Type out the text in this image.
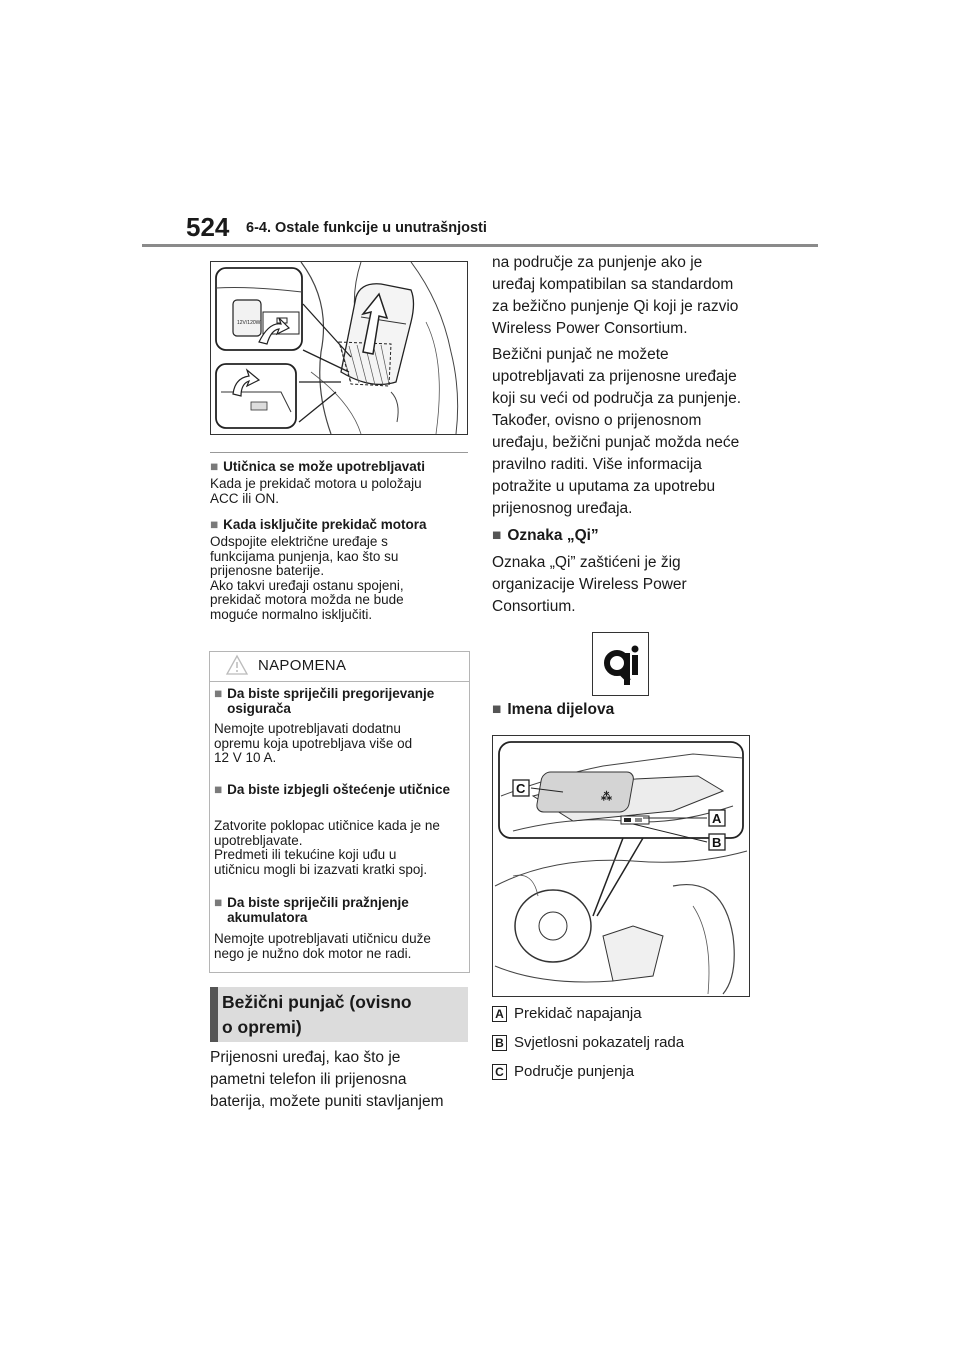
524 6-4. Ostale funkcije u unutrašnjosti
12V/120W
■ Utičnica se može upotrebljavati
Kada je prekidač motora u položaju
ACC ili ON.
■ Kada isključite prekidač motora
Odspojite električne uređaje s
funkcijama punjenja, kao što su
prijenosne baterije.
Ako takvi uređaji ostanu spojeni,
prekidač motora možda ne bude
moguće normalno isključiti.
NAPOMENA
■ Da biste spriječili pregorijevanje osigurača
Nemojte upotrebljavati dodatnu
opremu koja upotrebljava više od
12 V 10 A.
■ Da biste izbjegli oštećenje utičnice
Zatvorite poklopac utičnice kada je ne
upotrebljavate.
Predmeti ili tekućine koji uđu u
utičnicu mogli bi izazvati kratki spoj.
■ Da biste spriječili pražnjenje akumulatora
Nemojte upotrebljavati utičnicu duže
nego je nužno dok motor ne radi.
Bežični punjač (ovisno
o opremi)
Prijenosni uređaj, kao što je
pametni telefon ili prijenosna
baterija, možete puniti stavljanjem
na područje za punjenje ako je
uređaj kompatibilan sa standardom
za bežično punjenje Qi koji je razvio
Wireless Power Consortium.
Bežični punjač ne možete
upotrebljavati za prijenosne uređaje
koji su veći od područja za punjenje.
Također, ovisno o prijenosnom
uređaju, bežični punjač možda neće
pravilno raditi. Više informacija
potražite u uputama za upotrebu
prijenosnog uređaja.
■ Oznaka „Qi”
Oznaka „Qi” zaštićeni je žig
organizacije Wireless Power
Consortium.
■ Imena dijelova
⁂
C
A
B
A Prekidač napajanja
B Svjetlosni pokazatelj rada
C Područje punjenja
